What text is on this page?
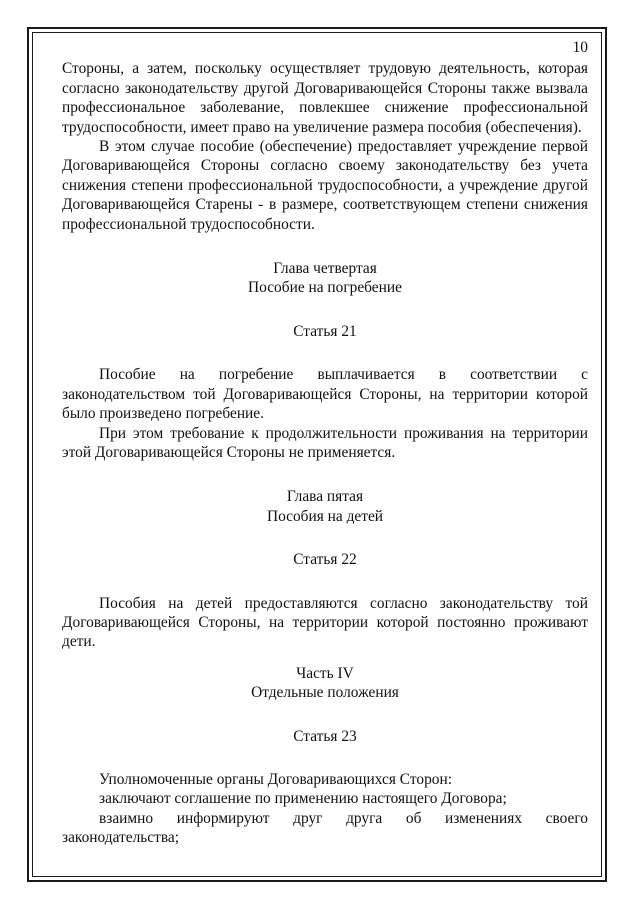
10

Стороны, а затем, поскольку осуществляет трудовую деятельность, которая согласно законодательству другой Договаривающейся Стороны также вызвала профессиональное заболевание, повлекшее снижение профессиональной трудоспособности, имеет право на увеличение размера пособия (обеспечения).

В этом случае пособие (обеспечение) предоставляет учреждение первой Договаривающейся Стороны согласно своему законодательству без учета снижения степени профессиональной трудоспособности, а учреждение другой Договаривающейся Старены - в размере, соответствующем степени снижения профессиональной трудоспособности.

Глава четвертая

Пособие на погребение

Статья 21

Пособие на погребение выплачивается в соответствии с законодательством той Договаривающейся Стороны, на территории которой было произведено погребение.

При этом требование к продолжительности проживания на территории этой Договаривающейся Стороны не применяется.

Глава пятая

Пособия на детей

Статья 22

Пособия на детей предоставляются согласно законодательству той Договаривающейся Стороны, на территории которой постоянно проживают дети.

Часть IV

Отдельные положения

Статья 23

Уполномоченные органы Договаривающихся Сторон:

заключают соглашение по применению настоящего Договора;

взаимно информируют друг друга об изменениях своего законодательства;
